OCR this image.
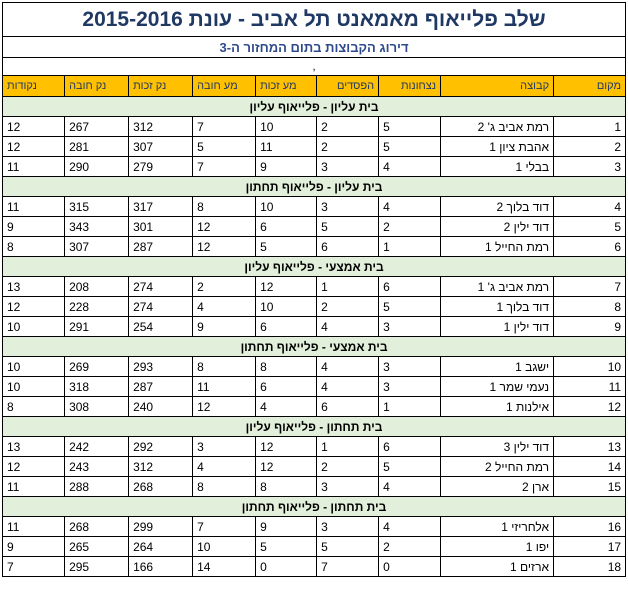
שלב פלייאוף מאמאנט תל אביב - עונת 2015-2016								
דירוג הקבוצות בתום המחזור ה-3								
,								
מקום	קבוצה	נצחונות	הפסדים	מע זכות	מע חובה	נק זכות	נק חובה	נקודות
בית עליון - פלייאוף עליון								
1	רמת אביב ג' 2	5	2	10	7	312	267	12
2	אהבת ציון 1	5	2	11	5	307	281	12
3	בבלי 1	4	3	9	7	279	290	11
בית עליון - פלייאוף תחתון								
4	דוד בלוך 2	4	3	10	8	317	315	11
5	דוד ילין 2	2	5	6	12	301	343	9
6	רמת החייל 1	1	6	5	12	287	307	8
בית אמצעי - פלייאוף עליון								
7	רמת אביב ג' 1	6	1	12	2	274	208	13
8	דוד בלוך 1	5	2	10	4	274	228	12
9	דוד ילין 1	3	4	6	9	254	291	10
בית אמצעי - פלייאוף תחתון								
10	ישגב 1	3	4	8	8	293	269	10
11	נעמי שמר 1	3	4	6	11	287	318	10
12	אילנות 1	1	6	4	12	240	308	8
בית תחתון - פלייאוף עליון								
13	דוד ילין 3	6	1	12	3	292	242	13
14	רמת החייל 2	5	2	12	4	312	243	12
15	ארן 2	4	3	8	8	268	288	11
בית תחתון - פלייאוף תחתון								
16	אלחריזי 1	4	3	9	7	299	268	11
17	יפו 1	2	5	5	10	264	265	9
18	ארזים 1	0	7	0	14	166	295	7
